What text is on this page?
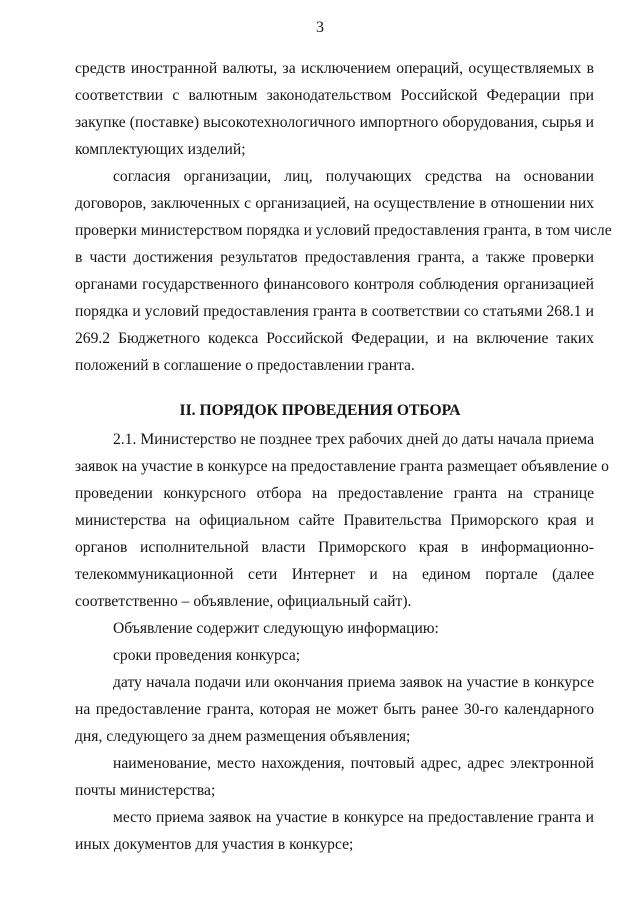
3
средств иностранной валюты, за исключением операций, осуществляемых в
соответствии с валютным законодательством Российской Федерации при
закупке (поставке) высокотехнологичного импортного оборудования, сырья и
комплектующих изделий;
согласия организации, лиц, получающих средства на основании
договоров, заключенных с организацией, на осуществление в отношении них
проверки министерством порядка и условий предоставления гранта, в том числе
в части достижения результатов предоставления гранта, а также проверки
органами государственного финансового контроля соблюдения организацией
порядка и условий предоставления гранта в соответствии со статьями 268.1 и
269.2 Бюджетного кодекса Российской Федерации, и на включение таких
положений в соглашение о предоставлении гранта.
II. ПОРЯДОК ПРОВЕДЕНИЯ ОТБОРА
2.1. Министерство не позднее трех рабочих дней до даты начала приема
заявок на участие в конкурсе на предоставление гранта размещает объявление о
проведении конкурсного отбора на предоставление гранта на странице
министерства на официальном сайте Правительства Приморского края и
органов исполнительной власти Приморского края в информационно-
телекоммуникационной сети Интернет и на едином портале (далее
соответственно – объявление, официальный сайт).
Объявление содержит следующую информацию:
сроки проведения конкурса;
дату начала подачи или окончания приема заявок на участие в конкурсе
на предоставление гранта, которая не может быть ранее 30-го календарного
дня, следующего за днем размещения объявления;
наименование, место нахождения, почтовый адрес, адрес электронной
почты министерства;
место приема заявок на участие в конкурсе на предоставление гранта и
иных документов для участия в конкурсе;
